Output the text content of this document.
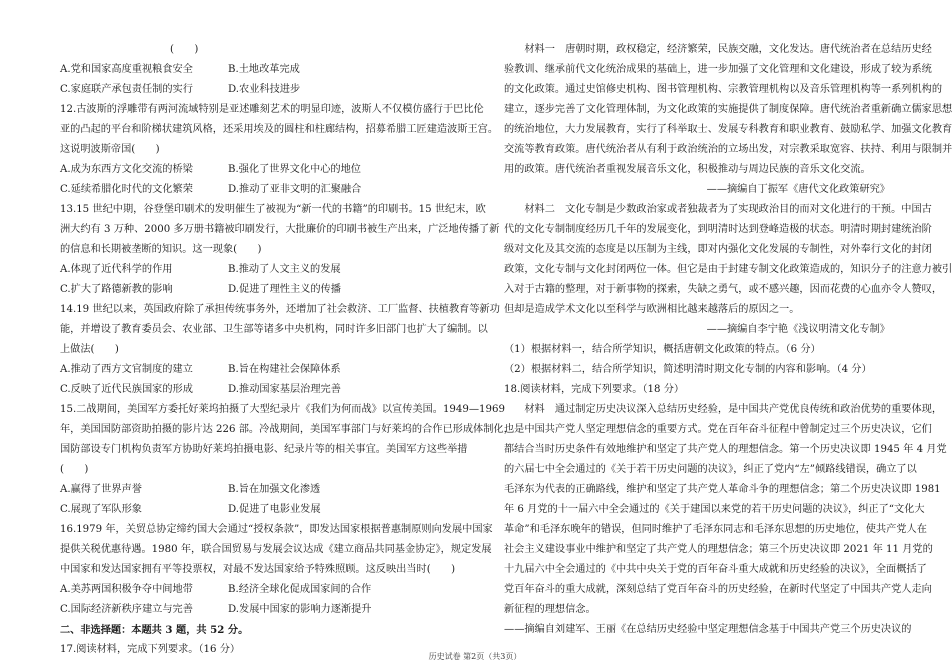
(　　)
A.党和国家高度重视粮食安全	B.土地改革完成
C.家庭联产承包责任制的实行	D.农业科技进步
12.古波斯的浮雕带有两河流域特别是亚述雕刻艺术的明显印迹，波斯人不仅模仿盛行于巴比伦
亚的凸起的平台和阶梯状建筑风格，还采用埃及的圆柱和柱廊结构，招募希腊工匠建造波斯王宫。
这说明波斯帝国(　　)
A.成为东西方文化交流的桥梁	B.强化了世界文化中心的地位
C.延续希腊化时代的文化繁荣	D.推动了亚非文明的汇聚融合
13.15 世纪中期，谷登堡印刷术的发明催生了被视为“新一代的书籍”的印刷书。15 世纪末，欧
洲大约有 3 万种、2000 多万册书籍被印刷发行，大批廉价的印刷书被生产出来，广泛地传播了新
的信息和长期被垄断的知识。这一现象(　　)
A.体现了近代科学的作用	B.推动了人文主义的发展
C.扩大了路德新教的影响	D.促进了理性主义的传播
14.19 世纪以来，英国政府除了承担传统事务外，还增加了社会救济、工厂监督、扶植教育等新功
能，并增设了教育委员会、农业部、卫生部等诸多中央机构，同时许多旧部门也扩大了编制。以
上做法(　　)
A.推动了西方文官制度的建立	B.旨在构建社会保障体系
C.反映了近代民族国家的形成	D.推动国家基层治理完善
15.二战期间，美国军方委托好莱坞拍摄了大型纪录片《我们为何而战》以宣传美国。1949—1969
年，美国国防部资助拍摄的影片达 226 部。冷战期间，美国军事部门与好莱坞的合作已形成体制化，
国防部设专门机构负责军方协助好莱坞拍摄电影、纪录片等的相关事宜。美国军方这些举措
(　　)
A.赢得了世界声誉	B.旨在加强文化渗透
C.展现了军队形象	D.促进了电影业发展
16.1979 年，关贸总协定缔约国大会通过“授权条款”，即发达国家根据普惠制原则向发展中国家
提供关税优惠待遇。1980 年，联合国贸易与发展会议达成《建立商品共同基金协定》，规定发展
中国家和发达国家拥有平等投票权，对最不发达国家给予特殊照顾。这反映出当时(　　)
A.美苏两国积极争夺中间地带	B.经济全球化促成国家间的合作
C.国际经济新秩序建立与完善	D.发展中国家的影响力逐渐提升
二、非选择题：本题共 3 题，共 52 分。
17.阅读材料，完成下列要求。（16 分）
　　材料一　唐朝时期，政权稳定，经济繁荣，民族交融，文化发达。唐代统治者在总结历史经
验教训、继承前代文化统治成果的基础上，进一步加强了文化管理和文化建设，形成了较为系统
的文化政策。通过史馆修史机构、图书管理机构、宗教管理机构以及音乐管理机构等一系列机构的
建立，逐步完善了文化管理体制，为文化政策的实施提供了制度保障。唐代统治者重新确立儒家思想
的统治地位，大力发展教育，实行了科举取士、发展专科教育和职业教育、鼓励私学、加强文化教育
交流等教育政策。唐代统治者从有利于政治统治的立场出发，对宗教采取宽容、扶持、利用与限制并
用的政策。唐代统治者重视发展音乐文化，积极推动与周边民族的音乐文化交流。
——摘编自丁振军《唐代文化政策研究》
　　材料二　文化专制是少数政治家或者独裁者为了实现政治目的而对文化进行的干预。中国古
代的文化专制制度经历几千年的发展变化，到明清时达到登峰造极的状态。明清时期封建统治阶
级对文化及其交流的态度是以压制为主线，即对内强化文化发展的专制性，对外奉行文化的封闭
政策，文化专制与文化封闭两位一体。但它是由于封建专制文化政策造成的，知识分子的注意力被引
入对于古籍的整理，对于新事物的探索，失缺之勇气，或不感兴趣，因而花费的心血亦令人赞叹，
但却是造成学术文化以至科学与欧洲相比越来越落后的原因之一。
——摘编自李宁艳《浅议明清文化专制》
（1）根据材料一，结合所学知识，概括唐朝文化政策的特点。（6 分）
（2）根据材料二，结合所学知识，简述明清时期文化专制的内容和影响。（4 分）
18.阅读材料，完成下列要求。（18 分）
　　材料　通过制定历史决议深入总结历史经验，是中国共产党优良传统和政治优势的重要体现，
也是中国共产党人坚定理想信念的重要方式。党在百年奋斗征程中曾制定过三个历史决议，它们
都结合当时历史条件有效地维护和坚定了共产党人的理想信念。第一个历史决议即 1945 年 4 月党
的六届七中全会通过的《关于若干历史问题的决议》，纠正了党内“左”倾路线错误，确立了以
毛泽东为代表的正确路线，维护和坚定了共产党人革命斗争的理想信念；第二个历史决议即 1981
年 6 月党的十一届六中全会通过的《关于建国以来党的若干历史问题的决议》，纠正了“文化大
革命”和毛泽东晚年的错误，但同时维护了毛泽东同志和毛泽东思想的历史地位，使共产党人在
社会主义建设事业中维护和坚定了共产党人的理想信念；第三个历史决议即 2021 年 11 月党的
十九届六中全会通过的《中共中央关于党的百年奋斗重大成就和历史经验的决议》，全面概括了
党百年奋斗的重大成就，深刻总结了党百年奋斗的历史经验，在新时代坚定了中国共产党人走向
新征程的理想信念。
——摘编自刘建军、王丽《在总结历史经验中坚定理想信念基于中国共产党三个历史决议的
历史试卷 第2页（共3页）
